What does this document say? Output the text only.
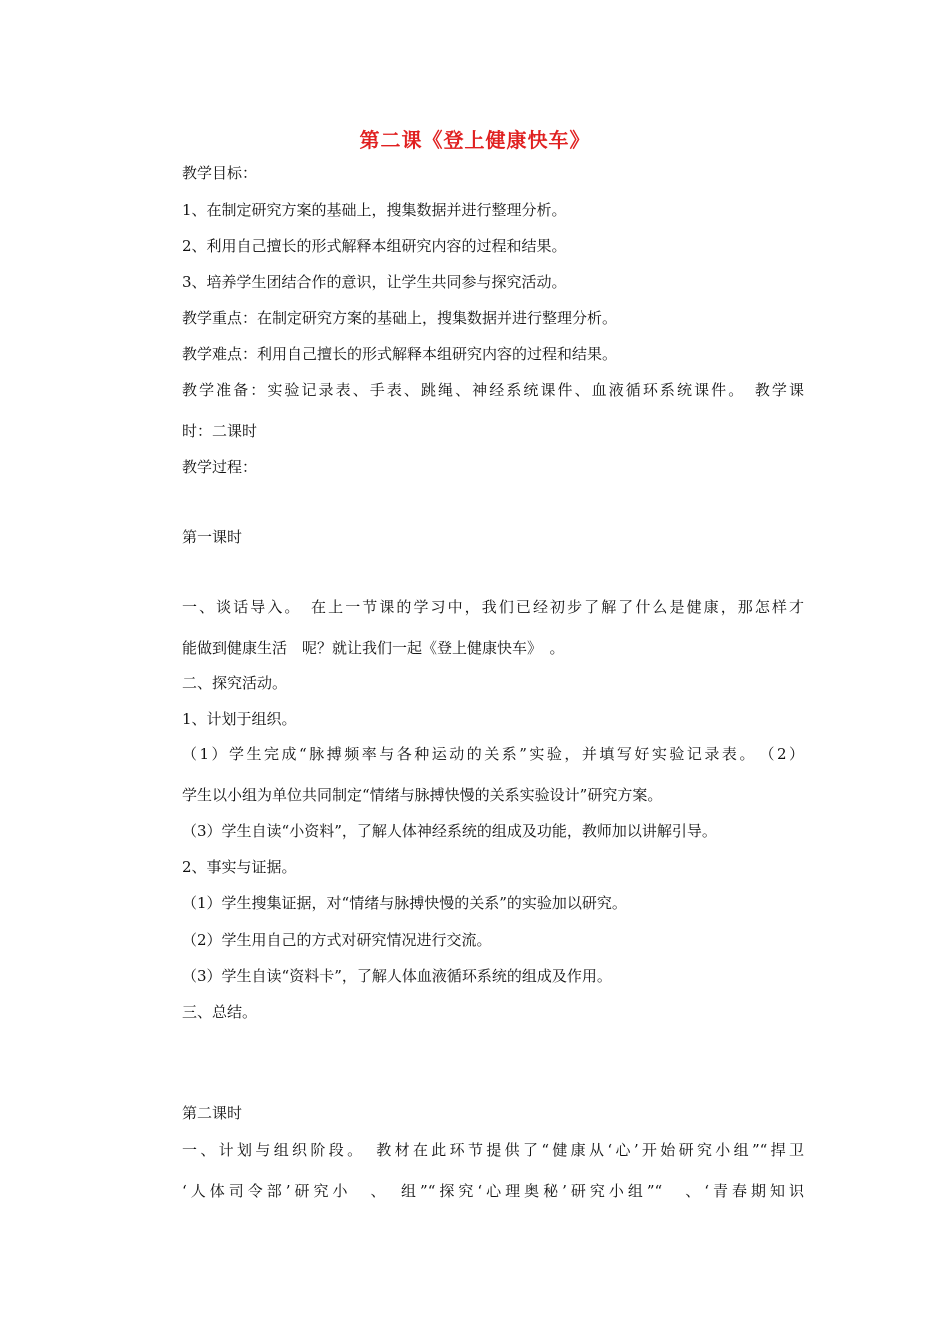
第二课《登上健康快车》
教学目标：
1、在制定研究方案的基础上，搜集数据并进行整理分析。
2、利用自己擅长的形式解释本组研究内容的过程和结果。
3、培养学生团结合作的意识，让学生共同参与探究活动。
教学重点：在制定研究方案的基础上，搜集数据并进行整理分析。
教学难点：利用自己擅长的形式解释本组研究内容的过程和结果。
教学准备：实验记录表、手表、跳绳、神经系统课件、血液循环系统课件。　教学课
时：二课时
教学过程：
第一课时
一、谈话导入。　在上一节课的学习中，我们已经初步了解了什么是健康，那怎样才
能做到健康生活　呢？就让我们一起《登上健康快车》　。
二、探究活动。
1、计划于组织。
（1）学生完成“脉搏频率与各种运动的关系”实验，并填写好实验记录表。　（2）
学生以小组为单位共同制定“情绪与脉搏快慢的关系实验设计”研究方案。
（3）学生自读“小资料”，了解人体神经系统的组成及功能，教师加以讲解引导。
2、事实与证据。
（1）学生搜集证据，对“情绪与脉搏快慢的关系”的实验加以研究。
（2）学生用自己的方式对研究情况进行交流。
（3）学生自读“资料卡”，了解人体血液循环系统的组成及作用。
三、总结。
第二课时
一、计划与组织阶段。　教材在此环节提供了“健康从‘心’开始研究小组”“捍卫
‘人体司令部’研究小　、　组”“探究‘心理奥秘’研究小组”“　、‘青春期知识
